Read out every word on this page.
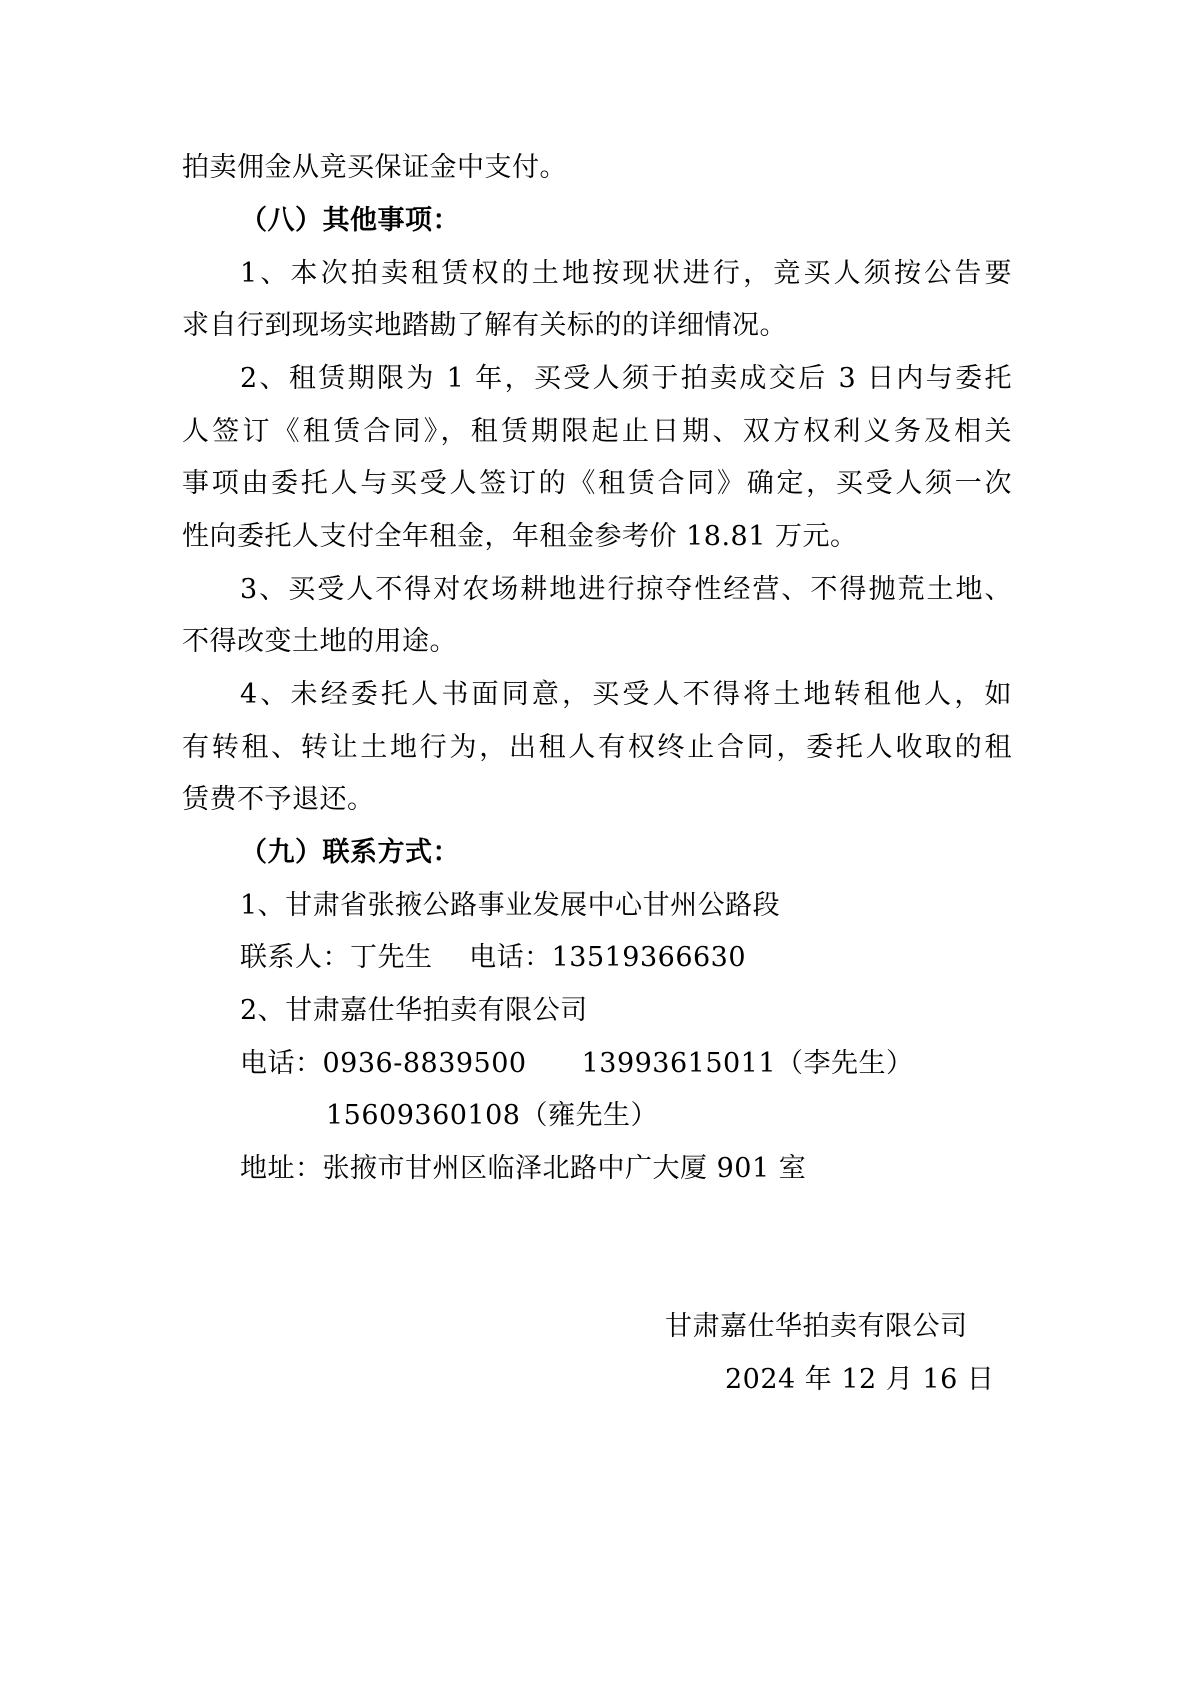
拍卖佣金从竞买保证金中支付。
（八）其他事项：
1、本次拍卖租赁权的土地按现状进行，竞买人须按公告要
求自行到现场实地踏勘了解有关标的的详细情况。
2、租赁期限为 1 年，买受人须于拍卖成交后 3 日内与委托
人签订《租赁合同》，租赁期限起止日期、双方权利义务及相关
事项由委托人与买受人签订的《租赁合同》确定，买受人须一次
性向委托人支付全年租金，年租金参考价 18.81 万元。
3、买受人不得对农场耕地进行掠夺性经营、不得抛荒土地、
不得改变土地的用途。
4、未经委托人书面同意，买受人不得将土地转租他人，如
有转租、转让土地行为，出租人有权终止合同，委托人收取的租
赁费不予退还。
（九）联系方式：
1、甘肃省张掖公路事业发展中心甘州公路段
联系人：丁先生　 电话：13519366630
2、甘肃嘉仕华拍卖有限公司
电话：0936-8839500　　13993615011（李先生）
15609360108（雍先生）
地址：张掖市甘州区临泽北路中广大厦 901 室
甘肃嘉仕华拍卖有限公司
2024 年 12 月 16 日
